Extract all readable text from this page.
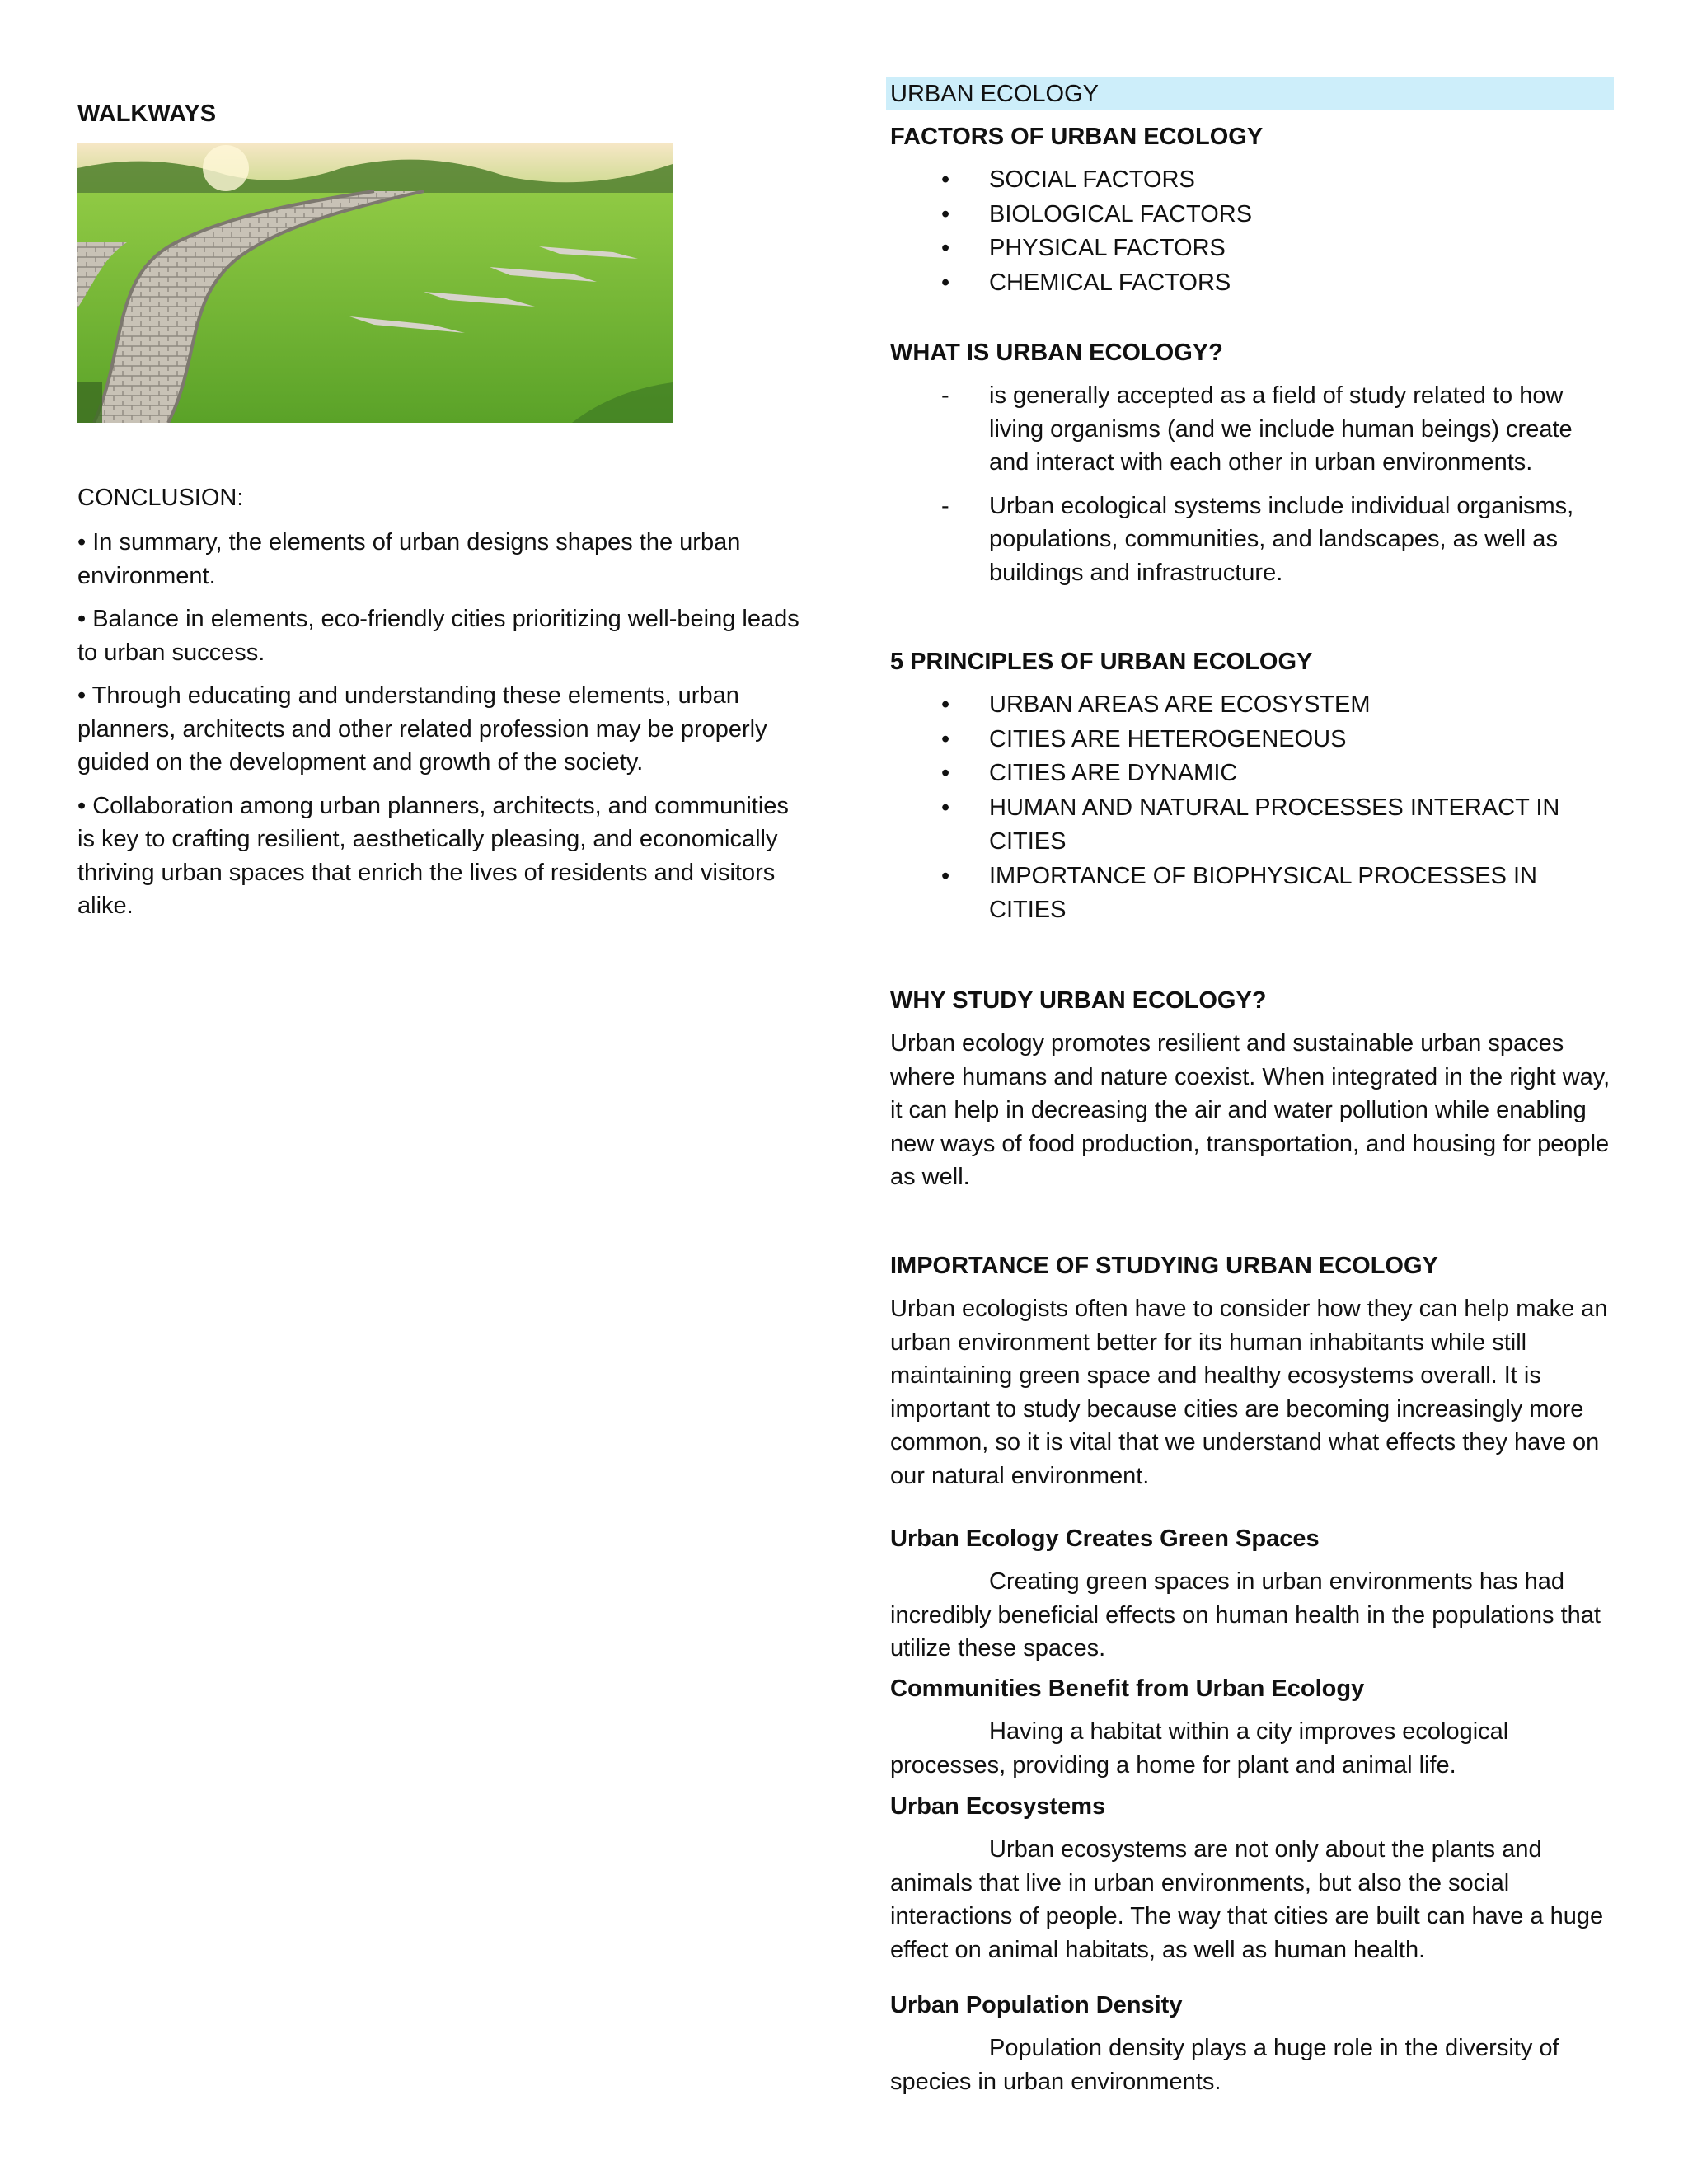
WALKWAYS
CONCLUSION:

• In summary, the elements of urban designs shapes the urban environment.

• Balance in elements, eco-friendly cities prioritizing well-being leads to urban success.

• Through educating and understanding these elements, urban planners, architects and other related profession may be properly guided on the development and growth of the society.

• Collaboration among urban planners, architects, and communities is key to crafting resilient, aesthetically pleasing, and economically thriving urban spaces that enrich the lives of residents and visitors alike.

URBAN ECOLOGY
FACTORS OF URBAN ECOLOGY
• SOCIAL FACTORS
• BIOLOGICAL FACTORS
• PHYSICAL FACTORS
• CHEMICAL FACTORS
WHAT IS URBAN ECOLOGY?
- is generally accepted as a field of study related to how living organisms (and we include human beings) create and interact with each other in urban environments.
- Urban ecological systems include individual organisms, populations, communities, and landscapes, as well as buildings and infrastructure.
5 PRINCIPLES OF URBAN ECOLOGY
• URBAN AREAS ARE ECOSYSTEM
• CITIES ARE HETEROGENEOUS
• CITIES ARE DYNAMIC
• HUMAN AND NATURAL PROCESSES INTERACT IN CITIES
• IMPORTANCE OF BIOPHYSICAL PROCESSES IN CITIES
WHY STUDY URBAN ECOLOGY?

Urban ecology promotes resilient and sustainable urban spaces where humans and nature coexist. When integrated in the right way, it can help in decreasing the air and water pollution while enabling new ways of food production, transportation, and housing for people as well.

IMPORTANCE OF STUDYING URBAN ECOLOGY

Urban ecologists often have to consider how they can help make an urban environment better for its human inhabitants while still maintaining green space and healthy ecosystems overall. It is important to study because cities are becoming increasingly more common, so it is vital that we understand what effects they have on our natural environment.

Urban Ecology Creates Green Spaces

Creating green spaces in urban environments has had incredibly beneficial effects on human health in the populations that utilize these spaces.

Communities Benefit from Urban Ecology

Having a habitat within a city improves ecological processes, providing a home for plant and animal life.

Urban Ecosystems

Urban ecosystems are not only about the plants and animals that live in urban environments, but also the social interactions of people. The way that cities are built can have a huge effect on animal habitats, as well as human health.

Urban Population Density

Population density plays a huge role in the diversity of species in urban environments.
